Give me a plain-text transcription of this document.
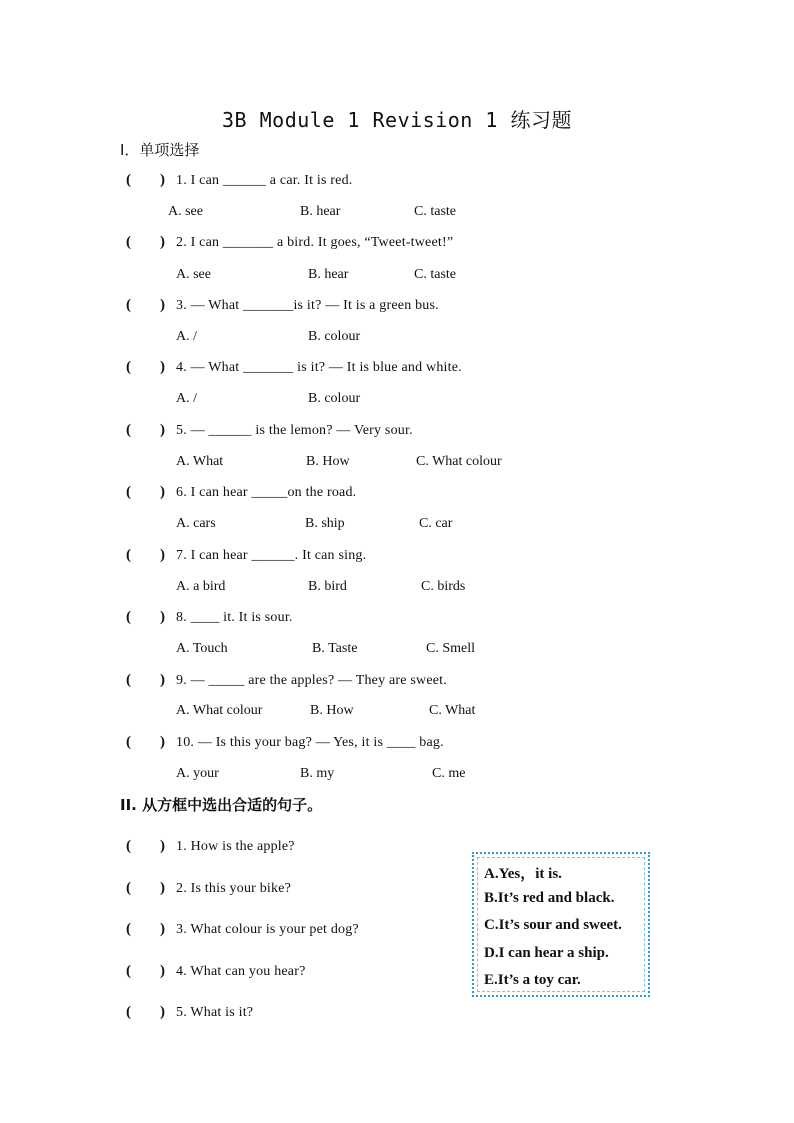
3B Module 1 Revision 1 练习题
I．单项选择
( ) 1. I can ______ a car. It is red.
A. see	B. hear	C. taste
( ) 2. I can _______ a bird. It goes, “Tweet-tweet!”
A. see	B. hear	C. taste
( ) 3. — What _______is it? — It is a green bus.
A. /	B. colour
( ) 4. — What _______ is it? — It is blue and white.
A. /	B. colour
( ) 5. — ______ is the lemon? — Very sour.
A. What	B. How	C. What colour
( ) 6. I can hear _____on the road.
A. cars	B. ship	C. car
( ) 7. I can hear ______. It can sing.
A. a bird	B. bird	C. birds
( ) 8. ____ it. It is sour.
A. Touch	B. Taste	C. Smell
( ) 9. — _____ are the apples? — They are sweet.
A. What colour	B. How	C. What
( ) 10. — Is this your bag? — Yes, it is ____ bag.
A. your	B. my	C. me
II. 从方框中选出合适的句子。
( ) 1. How is the apple?
( ) 2. Is this your bike?
( ) 3. What colour is your pet dog?
( ) 4. What can you hear?
( ) 5. What is it?
A.Yes，it is.
B.It’s red and black.
C.It’s sour and sweet.
D.I can hear a ship.
E.It’s a toy car.
